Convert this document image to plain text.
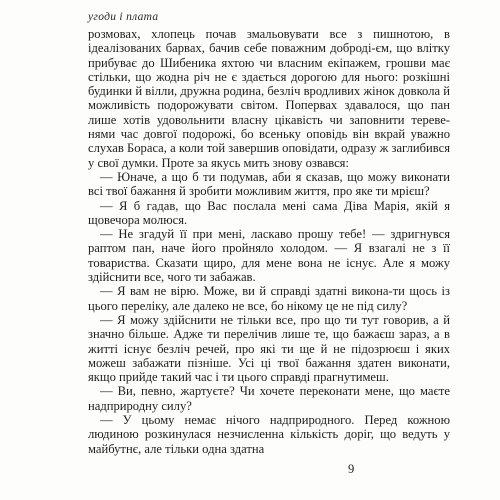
угоди і плата

розмовах, хлопець почав змальовувати все з пишнотою, в ідеалізованих барвах, бачив себе поважним доброді-єм, що влітку прибуває до Шибеника яхтою чи власним екіпажем, грошви має стільки, що жодна річ не є здається дорогою для нього: розкішні будинки й вілли, дружна родина, безліч вродливих жінок довкола й можливість подорожувати світом. Поперваx здавалося, що пан лише хотів удовольнити власну цікавість чи заповнити тереве-нями час довгої подорожі, бо всеньку оповідь він вкрай уважно слухав Бораса, а коли той завершив оповідати, одразу ж заглибився у свої думки. Проте за якусь мить знову озвався:

— Юначе, а що б ти подумав, аби я сказав, що можу виконати всі твої бажання й зробити можливим життя, про яке ти мрієш?

— Я б гадав, що Вас послала мені сама Діва Марія, якій я щовечора молюся.

— Не згадуй її при мені, ласкаво прошу тебе! — здригнувся раптом пан, наче його пройняло холодом. — Я взагалі не з її товариства. Сказати щиро, для мене вона не існує. Але я можу здійснити все, чого ти забажав.

— Я вам не вірю. Може, ви й справді здатні викона-ти щось із цього переліку, але далеко не все, бо нікому це не під силу?

— Я можу здійснити не тільки все, про що ти тут говорив, а й значно більше. Адже ти перелічив лише те, що бажаєш зараз, а в житті існує безліч речей, про які ти ще й не підозрюєш і яких можеш забажати пізніше. Усі ці твої бажання здатен виконати, якщо прийде такий час і ти цього справді прагнутимеш.

— Ви, певно, жартуєте? Чи хочете переконати мене, що маєте надприродну силу?

— У цьому немає нічого надприродного. Перед кожною людиною розкинулася незчисленна кількість доріг, що ведуть у майбутнє, але тільки одна здатна

9
